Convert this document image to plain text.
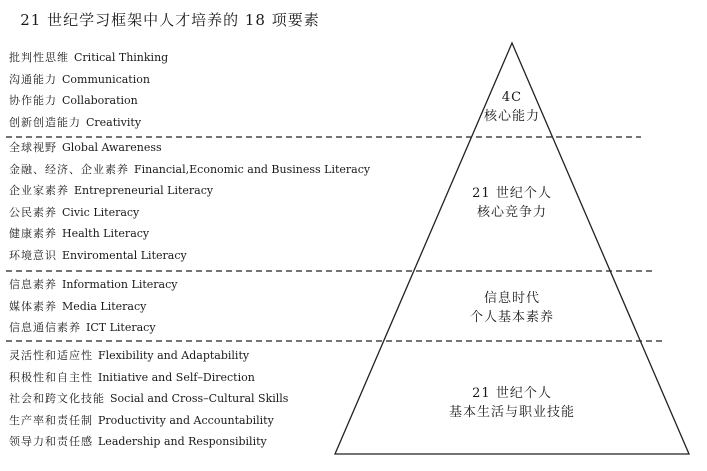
21 世纪学习框架中人才培养的 18 项要素
批判性思维 Critical Thinking
沟通能力 Communication
协作能力 Collaboration
创新创造能力 Creativity
全球视野 Global Awareness
金融、经济、企业素养 Financial,Economic and Business Literacy
企业家素养 Entrepreneurial Literacy
公民素养 Civic Literacy
健康素养 Health Literacy
环境意识 Enviromental Literacy
信息素养 Information Literacy
媒体素养 Media Literacy
信息通信素养 ICT Literacy
灵活性和适应性 Flexibility and Adaptability
积极性和自主性 Initiative and Self–Direction
社会和跨文化技能 Social and Cross–Cultural Skills
生产率和责任制 Productivity and Accountability
领导力和责任感 Leadership and Responsibility
4C
核心能力
21 世纪个人
核心竞争力
信息时代
个人基本素养
21 世纪个人
基本生活与职业技能
